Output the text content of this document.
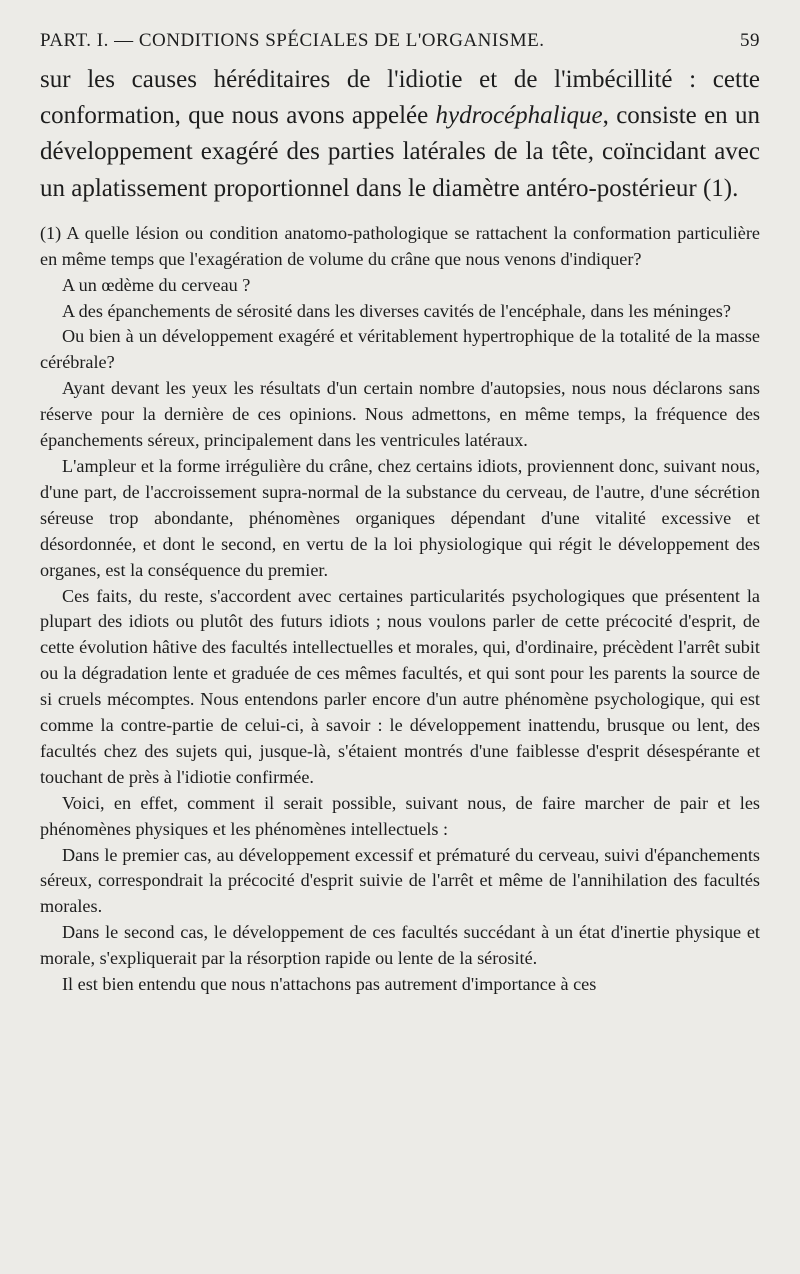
PART. I. — CONDITIONS SPÉCIALES DE L'ORGANISME.	59

sur les causes héréditaires de l'idiotie et de l'imbécillité : cette conformation, que nous avons appelée hydrocéphalique, consiste en un développement exagéré des parties latérales de la tête, coïncidant avec un aplatissement proportionnel dans le diamètre antéro-postérieur (1).

(1) A quelle lésion ou condition anatomo-pathologique se rattachent la conformation particulière en même temps que l'exagération de volume du crâne que nous venons d'indiquer?

A un œdème du cerveau ?

A des épanchements de sérosité dans les diverses cavités de l'encéphale, dans les méninges?

Ou bien à un développement exagéré et véritablement hypertrophique de la totalité de la masse cérébrale?

Ayant devant les yeux les résultats d'un certain nombre d'autopsies, nous nous déclarons sans réserve pour la dernière de ces opinions. Nous admettons, en même temps, la fréquence des épanchements séreux, principalement dans les ventricules latéraux.

L'ampleur et la forme irrégulière du crâne, chez certains idiots, proviennent donc, suivant nous, d'une part, de l'accroissement supra-normal de la substance du cerveau, de l'autre, d'une sécrétion séreuse trop abondante, phénomènes organiques dépendant d'une vitalité excessive et désordonnée, et dont le second, en vertu de la loi physiologique qui régit le développement des organes, est la conséquence du premier.

Ces faits, du reste, s'accordent avec certaines particularités psychologiques que présentent la plupart des idiots ou plutôt des futurs idiots ; nous voulons parler de cette précocité d'esprit, de cette évolution hâtive des facultés intellectuelles et morales, qui, d'ordinaire, précèdent l'arrêt subit ou la dégradation lente et graduée de ces mêmes facultés, et qui sont pour les parents la source de si cruels mécomptes. Nous entendons parler encore d'un autre phénomène psychologique, qui est comme la contre-partie de celui-ci, à savoir : le développement inattendu, brusque ou lent, des facultés chez des sujets qui, jusque-là, s'étaient montrés d'une faiblesse d'esprit désespérante et touchant de près à l'idiotie confirmée.

Voici, en effet, comment il serait possible, suivant nous, de faire marcher de pair et les phénomènes physiques et les phénomènes intellectuels :

Dans le premier cas, au développement excessif et prématuré du cerveau, suivi d'épanchements séreux, correspondrait la précocité d'esprit suivie de l'arrêt et même de l'annihilation des facultés morales.

Dans le second cas, le développement de ces facultés succédant à un état d'inertie physique et morale, s'expliquerait par la résorption rapide ou lente de la sérosité.

Il est bien entendu que nous n'attachons pas autrement d'importance à ces
